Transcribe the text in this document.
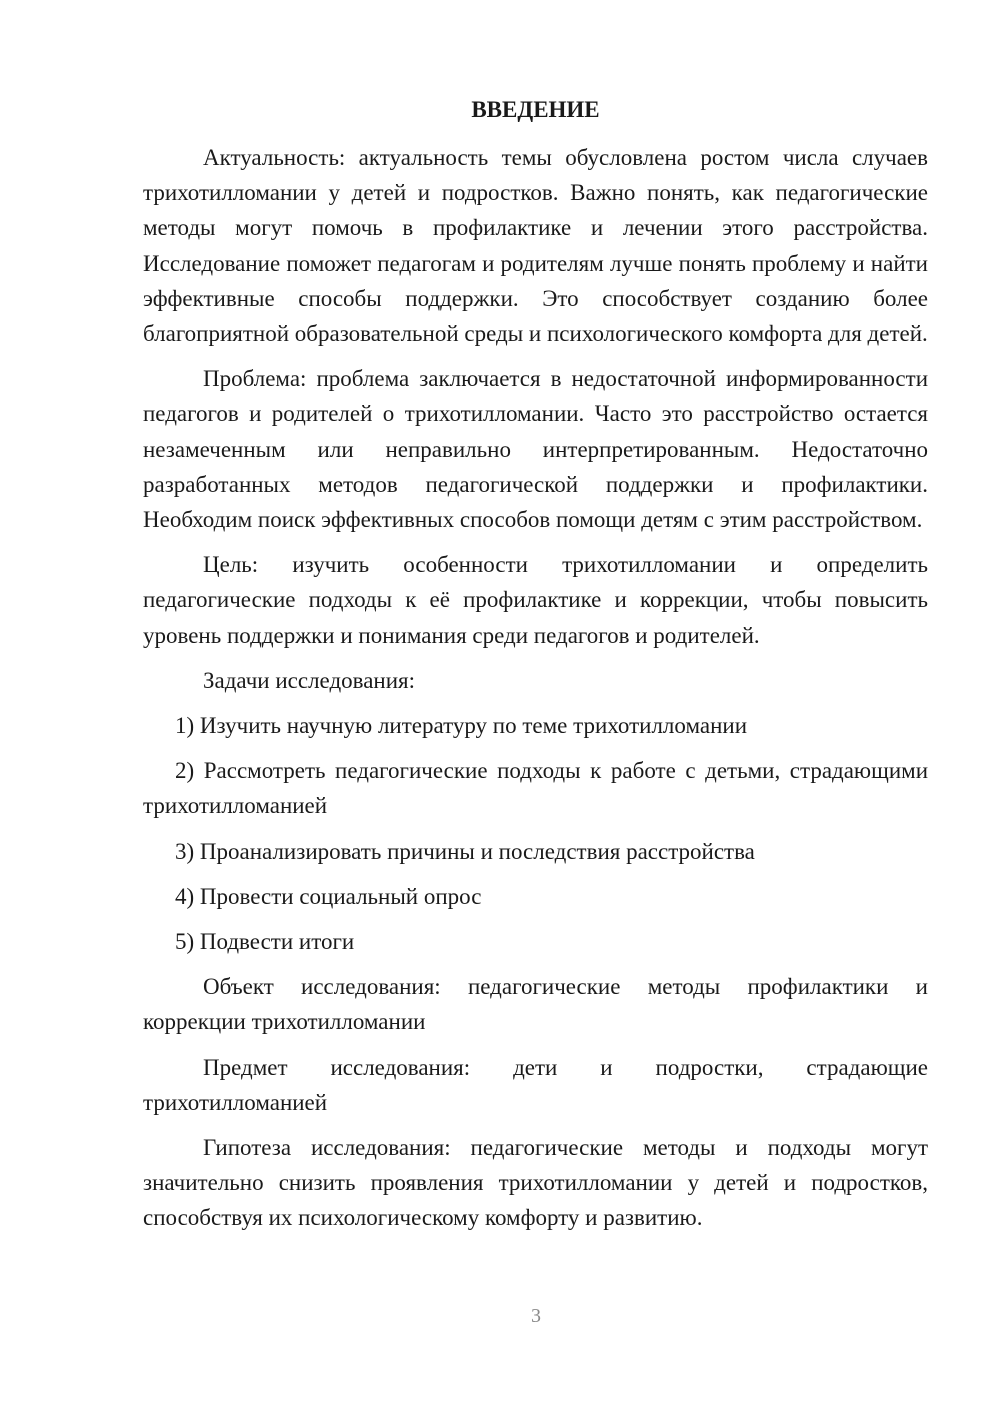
ВВЕДЕНИЕ

Актуальность: актуальность темы обусловлена ростом числа случаев трихотилломании у детей и подростков. Важно понять, как педагогические методы могут помочь в профилактике и лечении этого расстройства. Исследование поможет педагогам и родителям лучше понять проблему и найти эффективные способы поддержки. Это способствует созданию более благоприятной образовательной среды и психологического комфорта для детей.

Проблема: проблема заключается в недостаточной информированности педагогов и родителей о трихотилломании. Часто это расстройство остается незамеченным или неправильно интерпретированным. Недостаточно разработанных методов педагогической поддержки и профилактики. Необходим поиск эффективных способов помощи детям с этим расстройством.

Цель: изучить особенности трихотилломании и определить педагогические подходы к её профилактике и коррекции, чтобы повысить уровень поддержки и понимания среди педагогов и родителей.

Задачи исследования:

1) Изучить научную литературу по теме трихотилломании

2) Рассмотреть педагогические подходы к работе с детьми, страдающими трихотилломанией

3) Проанализировать причины и последствия расстройства

4) Провести социальный опрос

5) Подвести итоги

Объект исследования: педагогические методы профилактики и коррекции трихотилломании

Предмет исследования: дети и подростки, страдающие трихотилломанией

Гипотеза исследования: педагогические методы и подходы могут значительно снизить проявления трихотилломании у детей и подростков, способствуя их психологическому комфорту и развитию.

3
